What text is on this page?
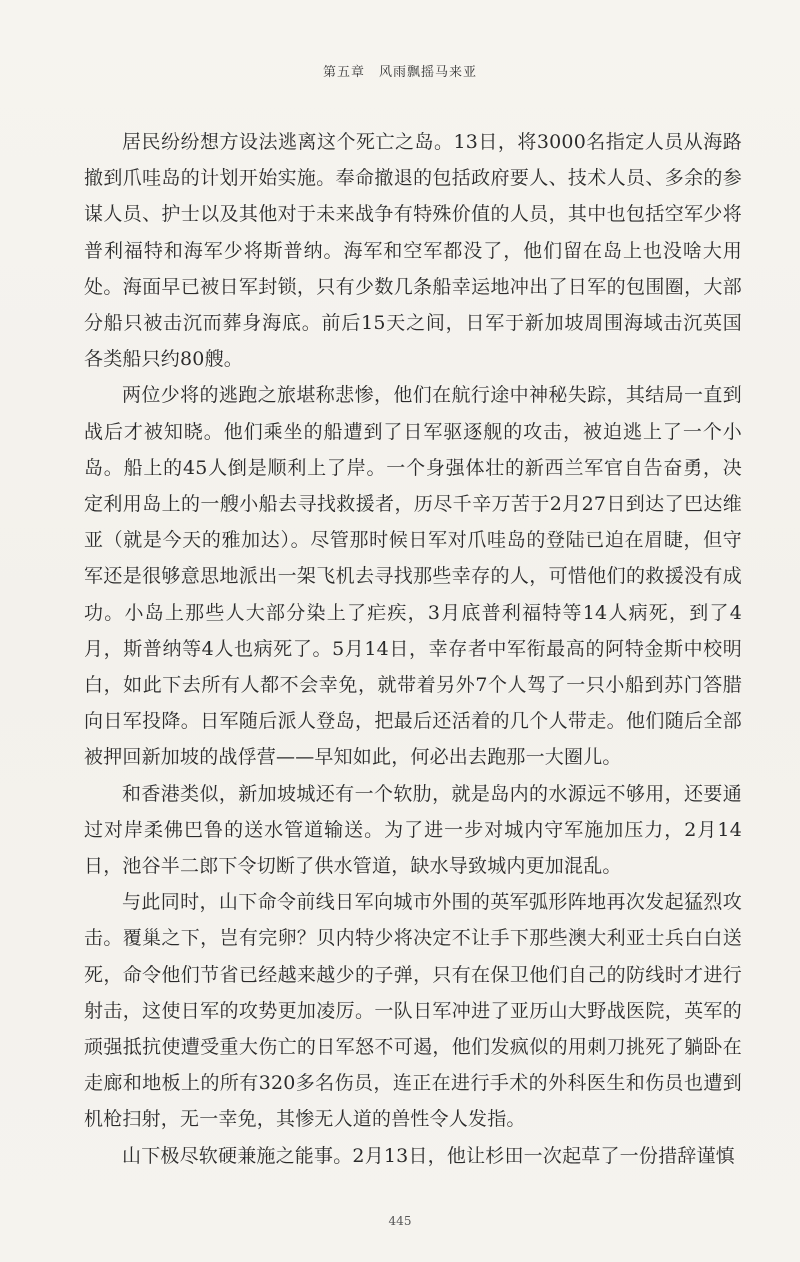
第五章　风雨飘摇马来亚

居民纷纷想方设法逃离这个死亡之岛。13日，将3000名指定人员从海路撤到爪哇岛的计划开始实施。奉命撤退的包括政府要人、技术人员、多余的参谋人员、护士以及其他对于未来战争有特殊价值的人员，其中也包括空军少将普利福特和海军少将斯普纳。海军和空军都没了，他们留在岛上也没啥大用处。海面早已被日军封锁，只有少数几条船幸运地冲出了日军的包围圈，大部分船只被击沉而葬身海底。前后15天之间，日军于新加坡周围海域击沉英国各类船只约80艘。

两位少将的逃跑之旅堪称悲惨，他们在航行途中神秘失踪，其结局一直到战后才被知晓。他们乘坐的船遭到了日军驱逐舰的攻击，被迫逃上了一个小岛。船上的45人倒是顺利上了岸。一个身强体壮的新西兰军官自告奋勇，决定利用岛上的一艘小船去寻找救援者，历尽千辛万苦于2月27日到达了巴达维亚（就是今天的雅加达）。尽管那时候日军对爪哇岛的登陆已迫在眉睫，但守军还是很够意思地派出一架飞机去寻找那些幸存的人，可惜他们的救援没有成功。小岛上那些人大部分染上了疟疾，3月底普利福特等14人病死，到了4月，斯普纳等4人也病死了。5月14日，幸存者中军衔最高的阿特金斯中校明白，如此下去所有人都不会幸免，就带着另外7个人驾了一只小船到苏门答腊向日军投降。日军随后派人登岛，把最后还活着的几个人带走。他们随后全部被押回新加坡的战俘营——早知如此，何必出去跑那一大圈儿。

和香港类似，新加坡城还有一个软肋，就是岛内的水源远不够用，还要通过对岸柔佛巴鲁的送水管道输送。为了进一步对城内守军施加压力，2月14日，池谷半二郎下令切断了供水管道，缺水导致城内更加混乱。

与此同时，山下命令前线日军向城市外围的英军弧形阵地再次发起猛烈攻击。覆巢之下，岂有完卵？贝内特少将决定不让手下那些澳大利亚士兵白白送死，命令他们节省已经越来越少的子弹，只有在保卫他们自己的防线时才进行射击，这使日军的攻势更加凌厉。一队日军冲进了亚历山大野战医院，英军的顽强抵抗使遭受重大伤亡的日军怒不可遏，他们发疯似的用刺刀挑死了躺卧在走廊和地板上的所有320多名伤员，连正在进行手术的外科医生和伤员也遭到机枪扫射，无一幸免，其惨无人道的兽性令人发指。

山下极尽软硬兼施之能事。2月13日，他让杉田一次起草了一份措辞谨慎

445
